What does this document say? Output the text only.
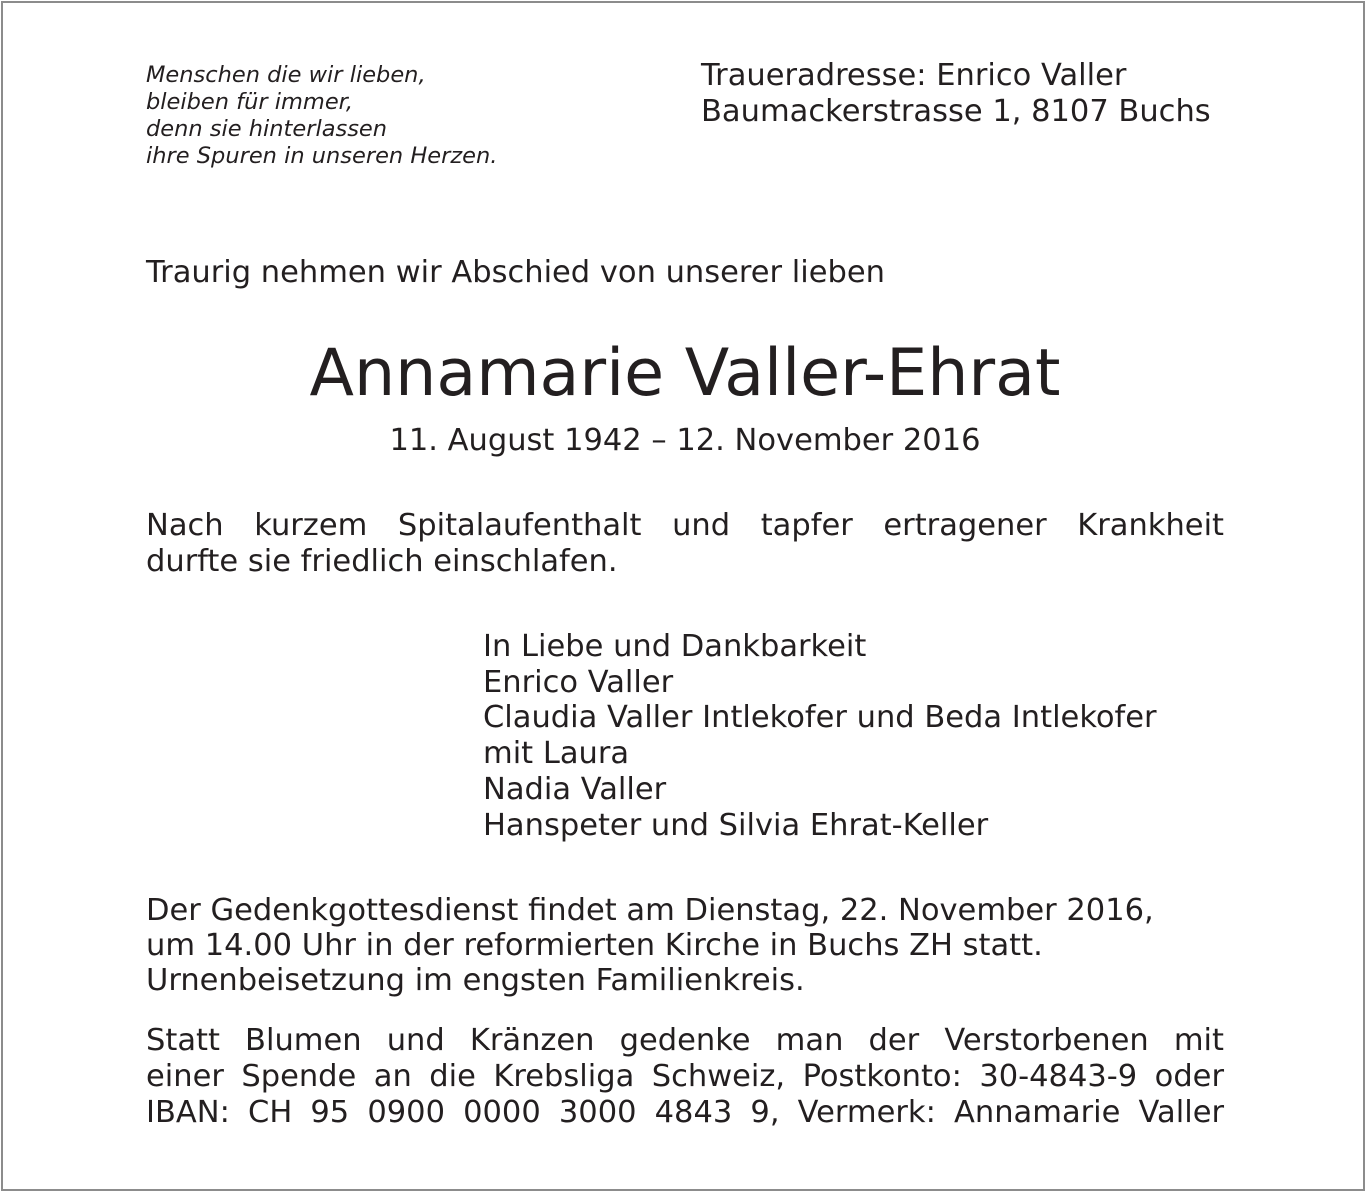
Menschen die wir lieben,
bleiben für immer,
denn sie hinterlassen
ihre Spuren in unseren Herzen.
Traueradresse: Enrico Valler
Baumackerstrasse 1, 8107 Buchs
Traurig nehmen wir Abschied von unserer lieben
Annamarie Valler-Ehrat
11. August 1942 – 12. November 2016
Nach kurzem Spitalaufenthalt und tapfer ertragener Krankheit
durfte sie friedlich einschlafen.
In Liebe und Dankbarkeit
Enrico Valler
Claudia Valler Intlekofer und Beda Intlekofer
mit Laura
Nadia Valler
Hanspeter und Silvia Ehrat-Keller
Der Gedenkgottesdienst findet am Dienstag, 22. November 2016,
um 14.00 Uhr in der reformierten Kirche in Buchs ZH statt.
Urnenbeisetzung im engsten Familienkreis.
Statt Blumen und Kränzen gedenke man der Verstorbenen mit
einer Spende an die Krebsliga Schweiz, Postkonto: 30-4843-9 oder
IBAN: CH 95 0900 0000 3000 4843 9, Vermerk: Annamarie Valler
